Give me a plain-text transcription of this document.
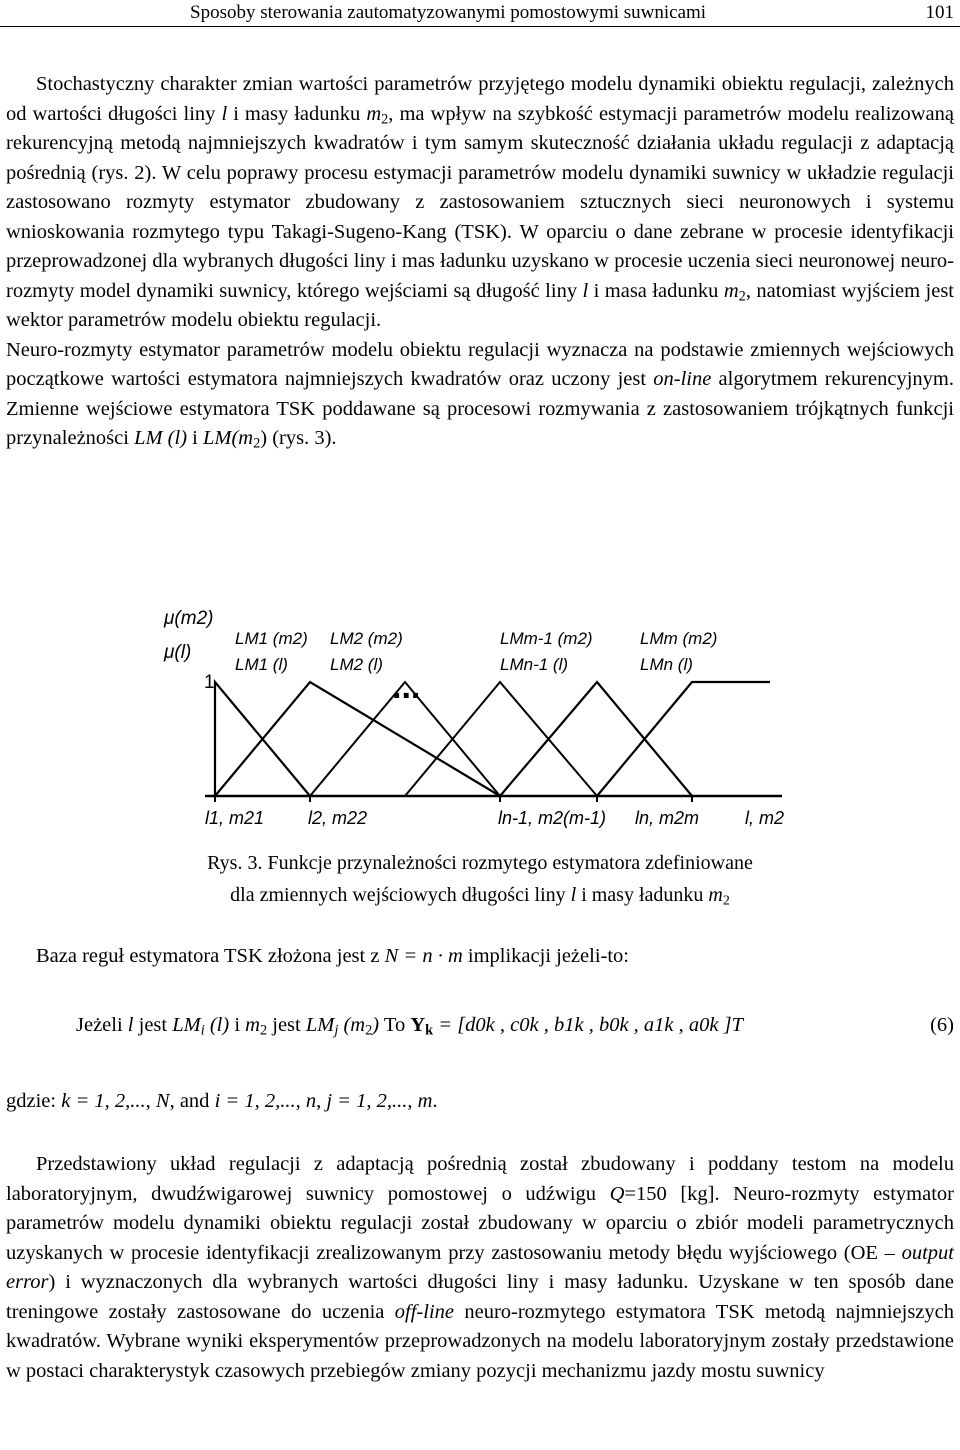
Sposoby sterowania zautomatyzowanymi pomostowymi suwnicami	101

Stochastyczny charakter zmian wartości parametrów przyjętego modelu dynamiki obiektu regulacji, zależnych od wartości długości liny l i masy ładunku $m_2$, ma wpływ na szybkość estymacji parametrów modelu realizowaną rekurencyjną metodą najmniejszych kwadratów i tym samym skuteczność działania układu regulacji z adaptacją pośrednią (rys. 2). W celu poprawy procesu estymacji parametrów modelu dynamiki suwnicy w układzie regulacji zastosowano rozmyty estymator zbudowany z zastosowaniem sztucznych sieci neuronowych i systemu wnioskowania rozmytego typu Takagi-Sugeno-Kang (TSK). W oparciu o dane zebrane w procesie identyfikacji przeprowadzonej dla wybranych długości liny i mas ładunku uzyskano w procesie uczenia sieci neuronowej neuro-rozmyty model dynamiki suwnicy, którego wejściami są długość liny l i masa ładunku $m_2$, natomiast wyjściem jest wektor parametrów modelu obiektu regulacji.
Neuro-rozmyty estymator parametrów modelu obiektu regulacji wyznacza na podstawie zmiennych wejściowych początkowe wartości estymatora najmniejszych kwadratów oraz uczony jest on-line algorytmem rekurencyjnym. Zmienne wejściowe estymatora TSK poddawane są procesowi rozmywania z zastosowaniem trójkątnych funkcji przynależności LM (l) i $LM(m_2)$ (rys. 3).

1
μ(m2)
μ(l)
LM1 (m2)
LM1 (l)
LM2 (m2)
LM2 (l)
LMm-1 (m2)
LMn-1 (l)
LMm (m2)
LMn (l)
...
l1, m21 l2, m22	ln-1, m2(m-1) ln, m2m	l, m2
Rys. 3. Funkcje przynależności rozmytego estymatora zdefiniowane
dla zmiennych wejściowych długości liny l i masy ładunku $m_2$
Baza reguł estymatora TSK złożona jest z N = n · m implikacji jeżeli-to:
Jeżeli l jest $LM_i$ (l) i $m_2$ jest $LM_j$ $(m_2)$ To $Y_k = [d0k$ , c0k , b1k , b0k , a1k , a0k ]T	(6)
gdzie: k = 1, 2,..., N, and i = 1, 2,..., n, j = 1, 2,..., m.

Przedstawiony układ regulacji z adaptacją pośrednią został zbudowany i poddany testom na modelu laboratoryjnym, dwudźwigarowej suwnicy pomostowej o udźwigu Q=150 [kg]. Neuro-rozmyty estymator parametrów modelu dynamiki obiektu regulacji został zbudowany w oparciu o zbiór modeli parametrycznych uzyskanych w procesie identyfikacji zrealizowanym przy zastosowaniu metody błędu wyjściowego (OE – output error) i wyznaczonych dla wybranych wartości długości liny i masy ładunku. Uzyskane w ten sposób dane treningowe zostały zastosowane do uczenia off-line neuro-rozmytego estymatora TSK metodą najmniejszych kwadratów. Wybrane wyniki eksperymentów przeprowadzonych na modelu laboratoryjnym zostały przedstawione w postaci charakterystyk czasowych przebiegów zmiany pozycji mechanizmu jazdy mostu suwnicy
